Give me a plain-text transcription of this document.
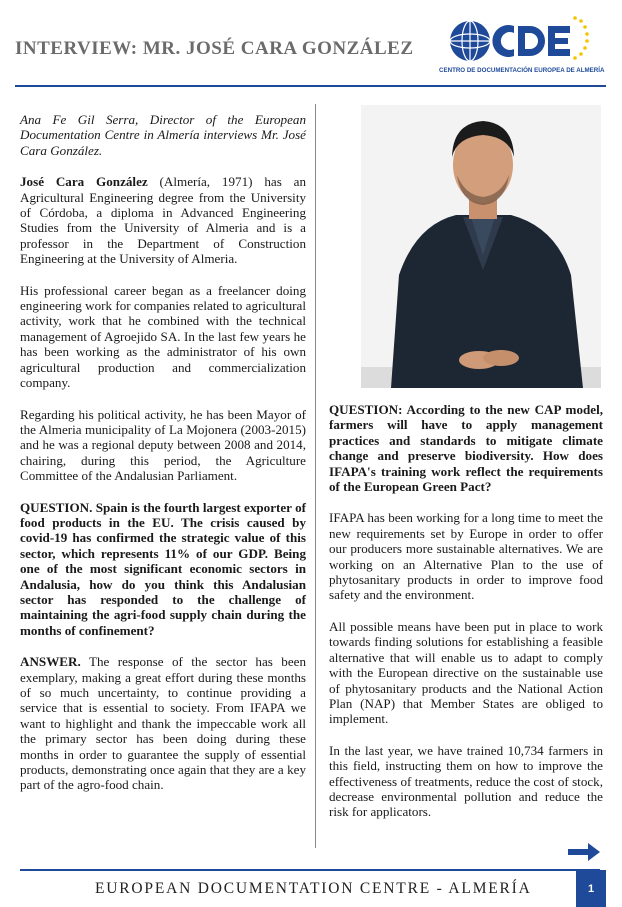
INTERVIEW: MR. JOSÉ CARA GONZÁLEZ
CENTRO DE DOCUMENTACIÓN EUROPEA DE ALMERÍA

Ana Fe Gil Serra, Director of the European Documentation Centre in Almería interviews Mr. José Cara González.

José Cara González (Almería, 1971) has an Agricultural Engineering degree from the University of Córdoba, a diploma in Advanced Engineering Studies from the University of Almeria and is a professor in the Department of Construction Engineering at the University of Almeria.

His professional career began as a freelancer doing engineering work for companies related to agricultural activity, work that he combined with the technical management of Agroejido SA. In the last few years he has been working as the administrator of his own agricultural production and commercialization company.

Regarding his political activity, he has been Mayor of the Almeria municipality of La Mojonera (2003-2015) and he was a regional deputy between 2008 and 2014, chairing, during this period, the Agriculture Committee of the Andalusian Parliament.

QUESTION. Spain is the fourth largest exporter of food products in the EU. The crisis caused by covid-19 has confirmed the strategic value of this sector, which represents 11% of our GDP. Being one of the most significant economic sectors in Andalusia, how do you think this Andalusian sector has responded to the challenge of maintaining the agri-food supply chain during the months of confinement?

ANSWER. The response of the sector has been exemplary, making a great effort during these months of so much uncertainty, to continue providing a service that is essential to society. From IFAPA we want to highlight and thank the impeccable work all the primary sector has been doing during these months in order to guarantee the supply of essential products, demonstrating once again that they are a key part of the agro-food chain.

QUESTION: According to the new CAP model, farmers will have to apply management practices and standards to mitigate climate change and preserve biodiversity. How does IFAPA's training work reflect the requirements of the European Green Pact?

IFAPA has been working for a long time to meet the new requirements set by Europe in order to offer our producers more sustainable alternatives. We are working on an Alternative Plan to the use of phytosanitary products in order to improve food safety and the environment.

All possible means have been put in place to work towards finding solutions for establishing a feasible alternative that will enable us to adapt to comply with the European directive on the sustainable use of phytosanitary products and the National Action Plan (NAP) that Member States are obliged to implement.

In the last year, we have trained 10,734 farmers in this field, instructing them on how to improve the effectiveness of treatments, reduce the cost of stock, decrease environmental pollution and reduce the risk for applicators.

EUROPEAN DOCUMENTATION CENTRE - ALMERÍA	1
